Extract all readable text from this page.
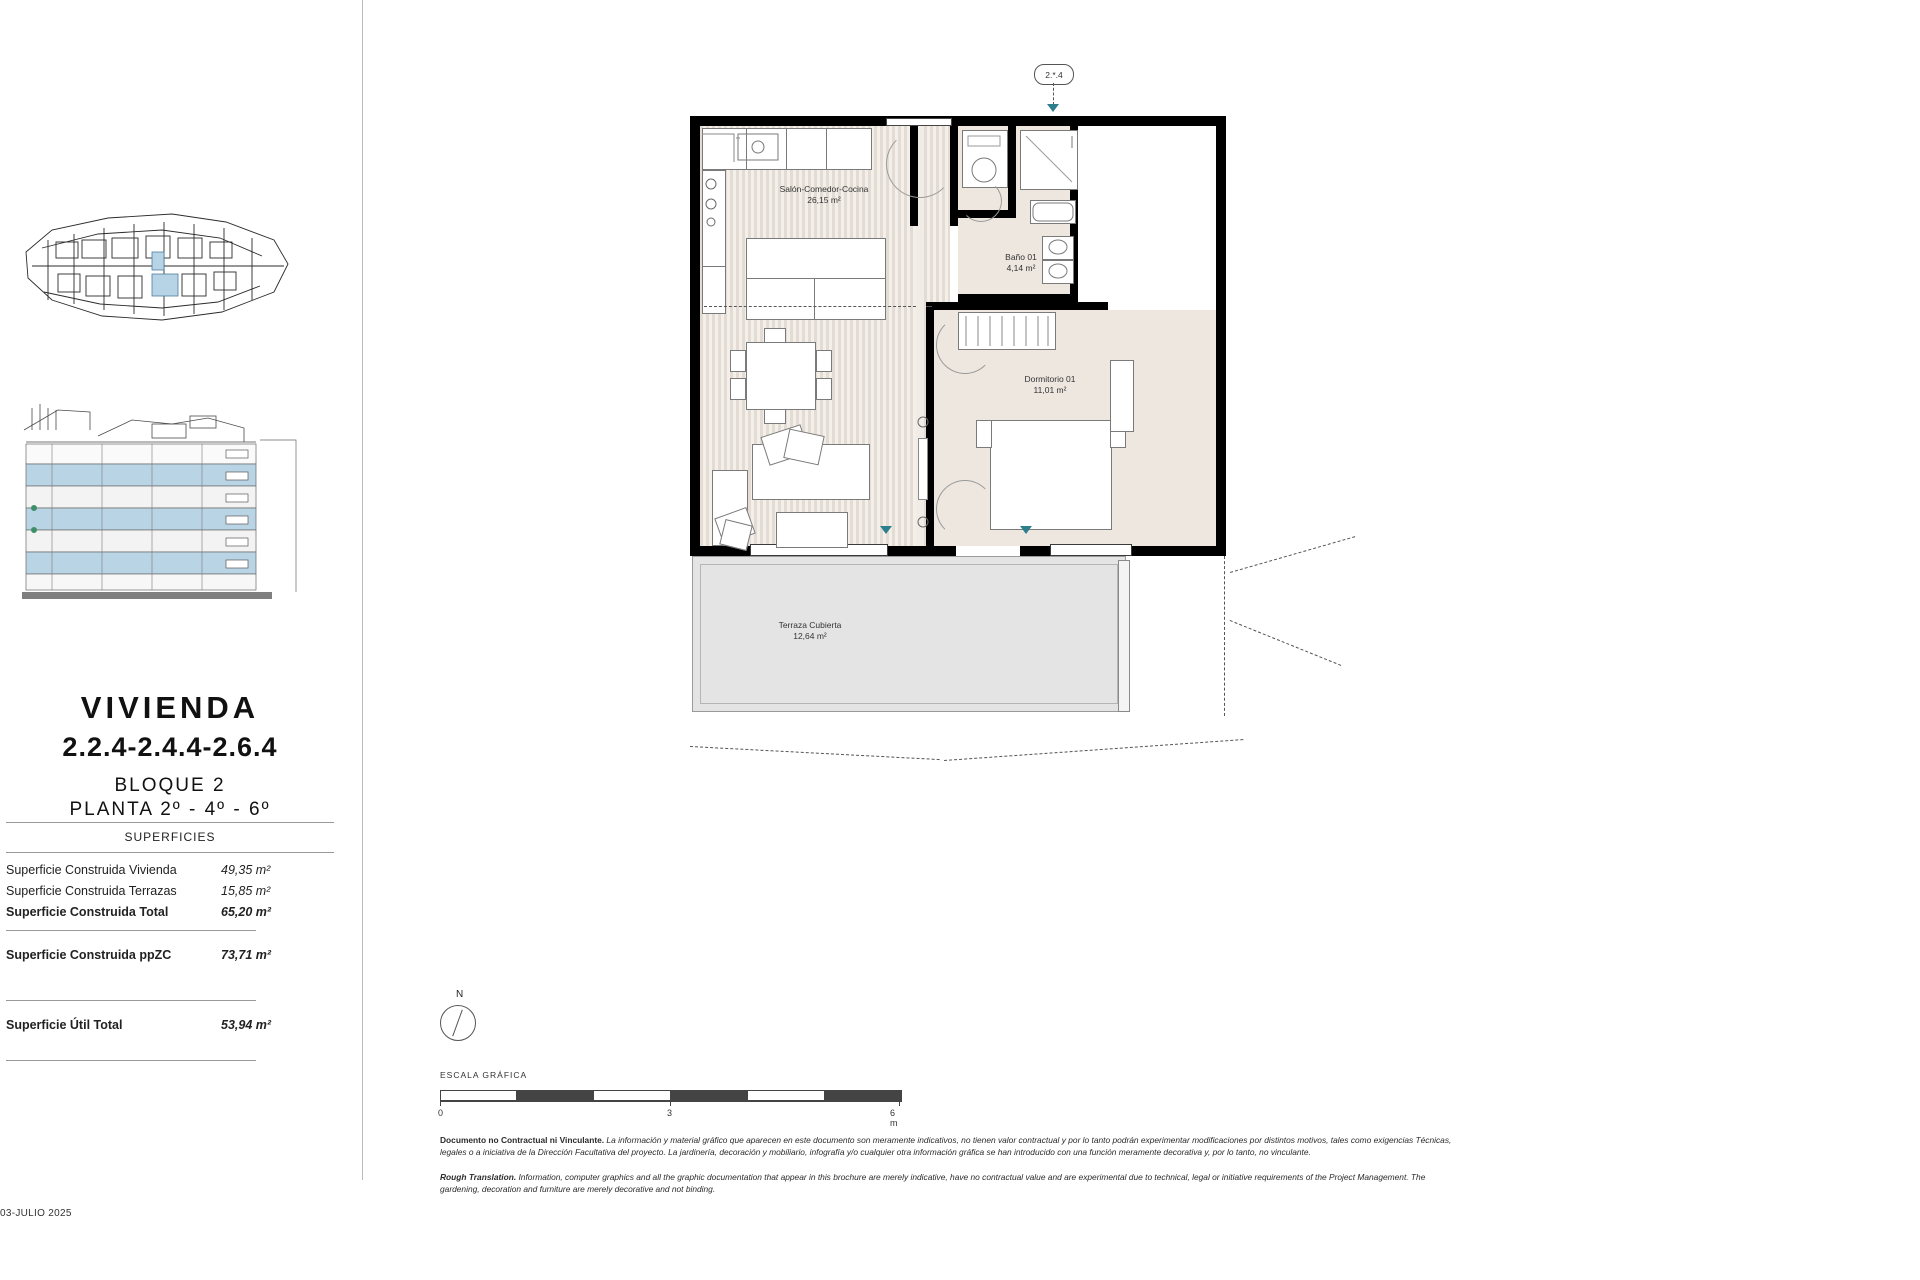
VIVIENDA
2.2.4-2.4.4-2.6.4
BLOQUE 2
PLANTA 2º - 4º - 6º
SUPERFICIES
Superficie Construida Vivienda	49,35 m²
Superficie Construida Terrazas	15,85 m²
Superficie Construida Total	65,20 m²
Superficie Construida ppZC	73,71 m²
Superficie Útil Total	53,94 m²
03-JULIO 2025
2.*.4
Salón-Comedor-Cocina
26,15 m²
Baño 01
4,14 m²
Dormitorio 01
11,01 m²
Terraza Cubierta
12,64 m²
N
ESCALA GRÁFICA
0	3	6 m
Documento no Contractual ni Vinculante. La información y material gráfico que aparecen en este documento son meramente indicativos, no tienen valor contractual y por lo tanto podrán experimentar modificaciones por distintos motivos, tales como exigencias Técnicas, legales o a iniciativa de la Dirección Facultativa del proyecto. La jardinería, decoración y mobiliario, infografía y/o cualquier otra información gráfica se han introducido con una función meramente decorativa y, por lo tanto, no vinculante.
Rough Translation. Information, computer graphics and all the graphic documentation that appear in this brochure are merely indicative, have no contractual value and are experimental due to technical, legal or initiative requirements of the Project Management. The gardening, decoration and furniture are merely decorative and not binding.
